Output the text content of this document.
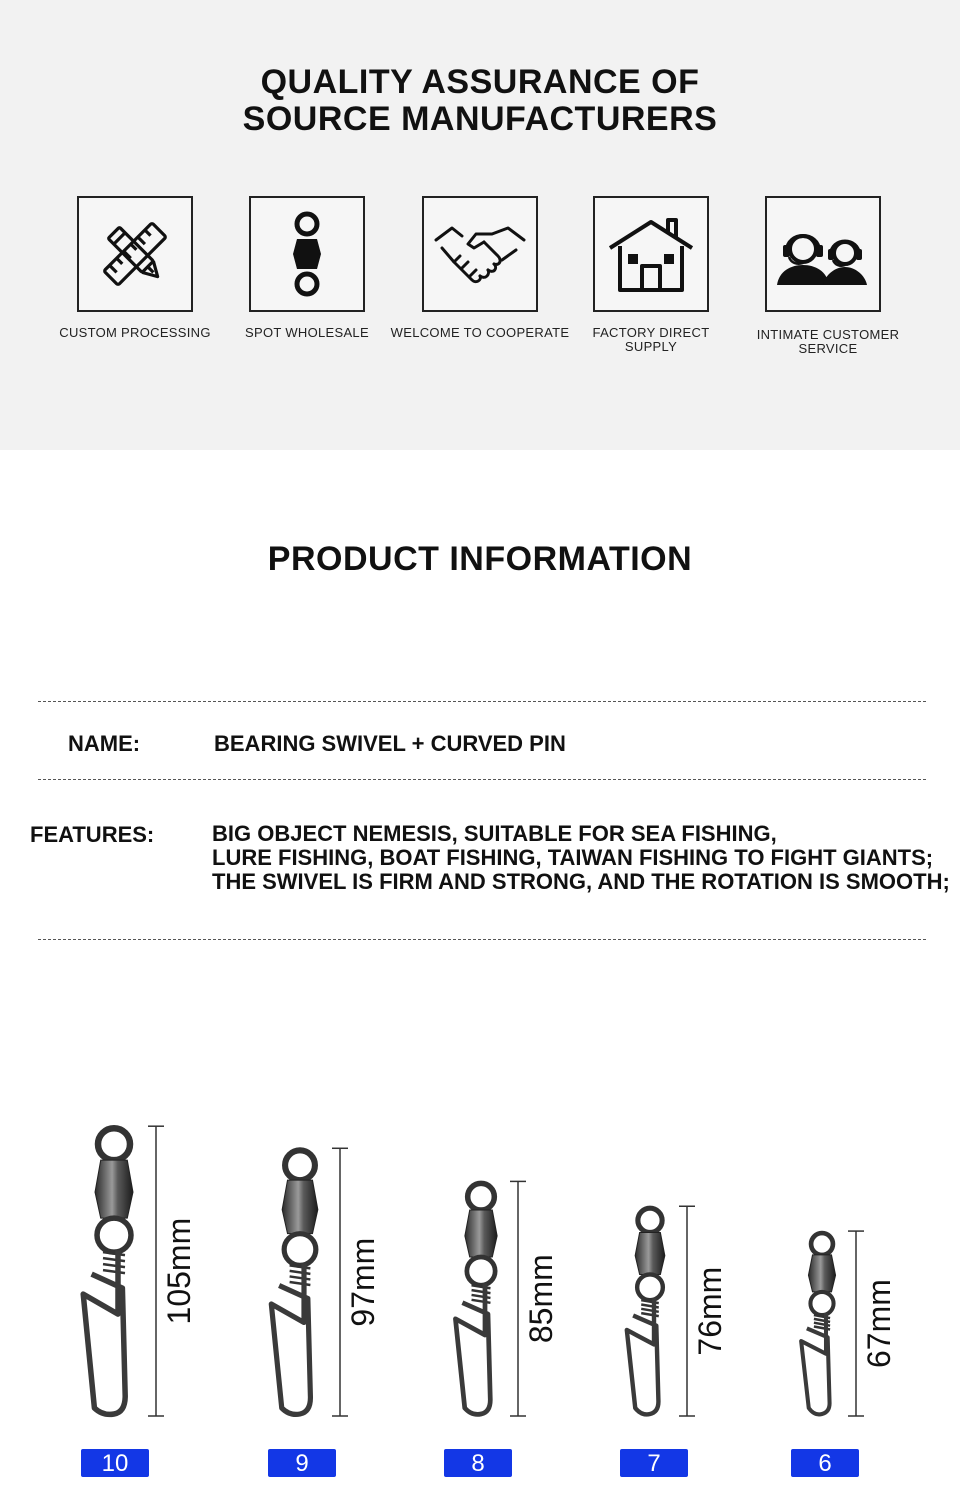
QUALITY ASSURANCE OF
SOURCE MANUFACTURERS
CUSTOM PROCESSING	SPOT WHOLESALE	WELCOME TO COOPERATE	FACTORY DIRECT SUPPLY
INTIMATE CUSTOMER SERVICE
PRODUCT INFORMATION
NAME:	BEARING SWIVEL + CURVED PIN
FEATURES:	BIG OBJECT NEMESIS, SUITABLE FOR SEA FISHING,
LURE FISHING, BOAT FISHING, TAIWAN FISHING TO FIGHT GIANTS;
THE SWIVEL IS FIRM AND STRONG, AND THE ROTATION IS SMOOTH;
105mm	97mm	85mm	76mm	67mm
10	9	8	7	6
